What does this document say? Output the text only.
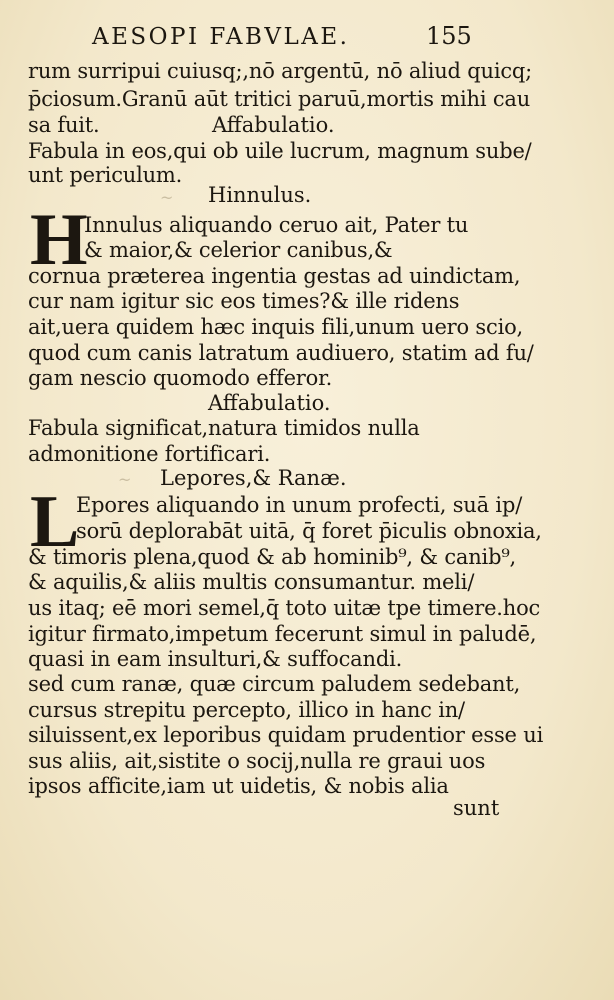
AESOPI FABVLAE.	155
rum surripui cuiusq;,nō argentū, nō aliud quicq;
p̄ciosum.Granū aūt tritici paruū,mortis mihi cau
sa fuit.	Affabulatio.
Fabula in eos,qui ob uile lucrum, magnum sube/
unt periculum.
~ Hinnulus.
H
Innulus aliquando ceruo ait, Pater tu
& maior,& celerior canibus,&
cornua præterea ingentia gestas ad uindictam,
cur nam igitur sic eos times?& ille ridens
ait,uera quidem hæc inquis fili,unum uero scio,
quod cum canis latratum audiuero, statim ad fu/
gam nescio quomodo efferor.
Affabulatio.
Fabula significat,natura timidos nulla
admonitione fortificari.
~ Lepores,& Ranæ.
L
Epores aliquando in unum profecti, suā ip/
sorū deplorabāt uitā, q̄ foret p̄iculis obnoxia,
& timoris plena,quod & ab hominib⁹, & canib⁹,
& aquilis,& aliis multis consumantur. meli/
us itaq; eē mori semel,q̄ toto uitæ tpe timere.hoc
igitur firmato,impetum fecerunt simul in paludē,
quasi in eam insulturi,& suffocandi.
sed cum ranæ, quæ circum paludem sedebant,
cursus strepitu percepto, illico in hanc in/
siluissent,ex leporibus quidam prudentior esse ui
sus aliis, ait,sistite o socij,nulla re graui uos
ipsos afficite,iam ut uidetis, & nobis alia
sunt
